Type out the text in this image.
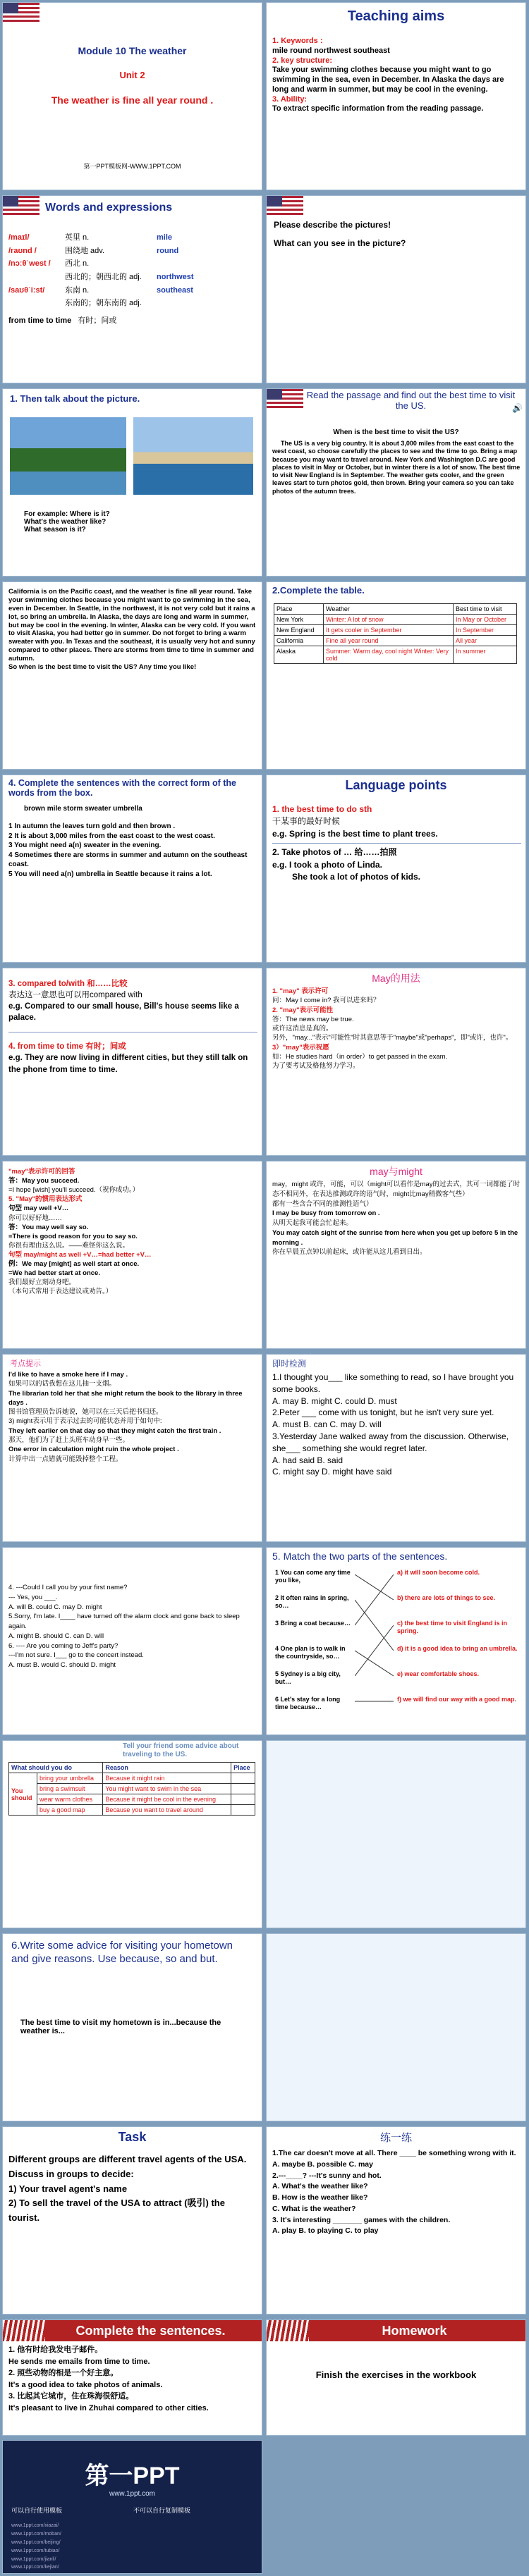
Module 10 The weather
Unit 2
The weather is fine all year round .
第一PPT模板网-WWW.1PPT.COM
Teaching aims
1. Keywords :
mile round northwest southeast
2. key structure:
Take your swimming clothes because you might want to go swimming in the sea, even in December. In Alaska the days are long and warm in summer, but may be cool in the evening.
3. Ability:
To extract specific information from the reading passage.
Words and expressions
/maɪl/	英里 n.	mile
/raʊnd /	围绕地 adv.	round
/nɔːθˈwest /	西北 n.
西北的；朝西北的 adj.	northwest
/saʊθˈiːst/	东南 n.	southeast
东南的；朝东南的 adj.
from time to time 有时；间或
Please describe the pictures!
What can you see in the picture?
1. Then talk about the picture.
For example: Where is it?
What's the weather like?
What season is it?
Read the passage and find out the best time to visit the US.	🔊
When is the best time to visit the US?
The US is a very big country. It is about 3,000 miles from the east coast to the west coast, so choose carefully the places to see and the time to go. Bring a map because you may want to travel around. New York and Washington D.C are good places to visit in May or October, but in winter there is a lot of snow. The best time to visit New England is in September. The weather gets cooler, and the green leaves start to turn photos gold, then brown. Bring your camera so you can take photos of the autumn trees.
California is on the Pacific coast, and the weather is fine all year round. Take your swimming clothes because you might want to go swimming in the sea, even in December. In Seattle, in the northwest, it is not very cold but it rains a lot, so bring an umbrella. In Alaska, the days are long and warm in summer, but may be cool in the evening. In winter, Alaska can be very cold. If you want to visit Alaska, you had better go in summer. Do not forget to bring a warm sweater with you. In Texas and the southeast, it is usually very hot and sunny compared to other places. There are storms from time to time in summer and autumn.
So when is the best time to visit the US? Any time you like!
2.Complete the table.
Place	Weather	Best time to visit
New York	Winter: A lot of snow	In May or October
New England	It gets cooler in September	In September
California	Fine all year round	All year
Alaska	Summer: Warm day, cool night Winter: Very cold	In summer
4. Complete the sentences with the correct form of the words from the box.
brown mile storm sweater umbrella
1 In autumn the leaves turn gold and then brown .
2 It is about 3,000 miles from the east coast to the west coast.
3 You might need a(n) sweater in the evening.
4 Sometimes there are storms in summer and autumn on the southeast coast.
5 You will need a(n) umbrella in Seattle because it rains a lot.
Language points
1. the best time to do sth
干某事的最好时候
e.g. Spring is the best time to plant trees.
2. Take photos of … 给……拍照
e.g. I took a photo of Linda.
She took a lot of photos of kids.
3. compared to/with 和……比较
表达这一意思也可以用compared with
e.g. Compared to our small house, Bill's house seems like a palace.
4. from time to time 有时；间或
e.g. They are now living in different cities, but they still talk on the phone from time to time.
May的用法
1. "may" 表示许可
问：May I come in? 我可以进来吗？
2. "may"表示可能性
答：The news may be true.
或许这消息是真的。
另外，"may..."表示"可能性"时其意思等于"maybe"或"perhaps"，即"或许，也许"。
3）"may"表示祝愿
如：He studies hard（in order）to get passed in the exam.
为了要考试及格他努力学习。
"may"表示许可的回答
答：May you succeed.
=I hope [wish] you'll succeed.（祝你成功。）
5. "May"的惯用表达形式
句型 may well +V…
你可以好好地……
答：You may well say so.
=There is good reason for you to say so.
你很有理由这么说。——难怪你这么说。
句型 may/might as well +V…=had better +V…
例：We may [might] as well start at once.
=We had better start at once.
我们最好立刻动身吧。
（本句式常用于表达建议或劝告。）
may与might
may，might 或许，可能，可以（might可以看作是may的过去式，其可一词都能了时态不相同外，在表达推测或许的语气时，might比may稍微客气些）
都有一些含合不同的推测性语气）
I may be busy from tomorrow on .
从明天起我可能会忙起来。
You may catch sight of the sunrise from here when you get up before 5 in the morning .
你在早晨五点钟以前起床，或许能从这儿看到日出。
考点提示
I'd like to have a smoke here if I may .
如果可以的话我想在这儿抽一支烟。
The librarian told her that she might return the book to the library in three days .
图书馆管理员告诉她说，她可以在三天后把书归还。
3) might表示用于表示过去的可能状态并用于如句中:
They left earlier on that day so that they might catch the first train .
那天，他们为了赶上头班车动身早一些。
One error in calculation might ruin the whole project .
计算中出一点错就可能毁掉整个工程。
即时检测
1.I thought you___ like something to read, so I have brought you some books.
A. may B. might C. could D. must
2.Peter ___ come with us tonight, but he isn't very sure yet.
A. must B. can C. may D. will
3.Yesterday Jane walked away from the discussion. Otherwise, she___ something she would regret later.
A. had said B. said
C. might say D. might have said
4. ---Could I call you by your first name?
--- Yes, you ___.
A. will B. could C. may D. might
5.Sorry, I'm late. I____ have turned off the alarm clock and gone back to sleep again.
A. might B. should C. can D. will
6. ---- Are you coming to Jeff's party?
---I'm not sure. I___ go to the concert instead.
A. must B. would C. should D. might
5. Match the two parts of the sentences.
1 You can come any time you like,
2 It often rains in spring, so…
3 Bring a coat because…
4 One plan is to walk in the countryside, so…
5 Sydney is a big city, but…
6 Let's stay for a long time because…
a) it will soon become cold.
b) there are lots of things to see.
c) the best time to visit England is in spring.
d) it is a good idea to bring an umbrella.
e) wear comfortable shoes.
f) we will find our way with a good map.
Tell your friend some advice about traveling to the US.
What should you do		Reason	Place
You should	bring your umbrella	Because it might rain	
	bring a swimsuit	You might want to swim in the sea	
	wear warm clothes	Because it might be cool in the evening	
	buy a good map	Because you want to travel around	
6.Write some advice for visiting your hometown and give reasons. Use because, so and but.
The best time to visit my hometown is in...because the weather is...
Task
Different groups are different travel agents of the USA. Discuss in groups to decide:
1) Your travel agent's name
2) To sell the travel of the USA to attract (吸引) the tourist.
练一练
1.The car doesn't move at all. There ____ be something wrong with it.
A. maybe B. possible C. may
2.---____? ---It's sunny and hot.
A. What's the weather like?
B. How is the weather like?
C. What is the weather?
3. It's interesting _______ games with the children.
A. play B. to playing C. to play
Complete the sentences.
1. 他有时给我发电子邮件。
He sends me emails from time to time.
2. 照些动物的相是一个好主意。
It's a good idea to take photos of animals.
3. 比起其它城市，住在珠海很舒适。
It's pleasant to live in Zhuhai compared to other cities.
Homework
Finish the exercises in the workbook
第一PPT
www.1ppt.com
可以自行使用模板	不可以自行复制模板
www.1ppt.com/xiazai/
www.1ppt.com/moban/
www.1ppt.com/beijing/
www.1ppt.com/tubiao/
www.1ppt.com/jianli/
www.1ppt.com/kejian/
